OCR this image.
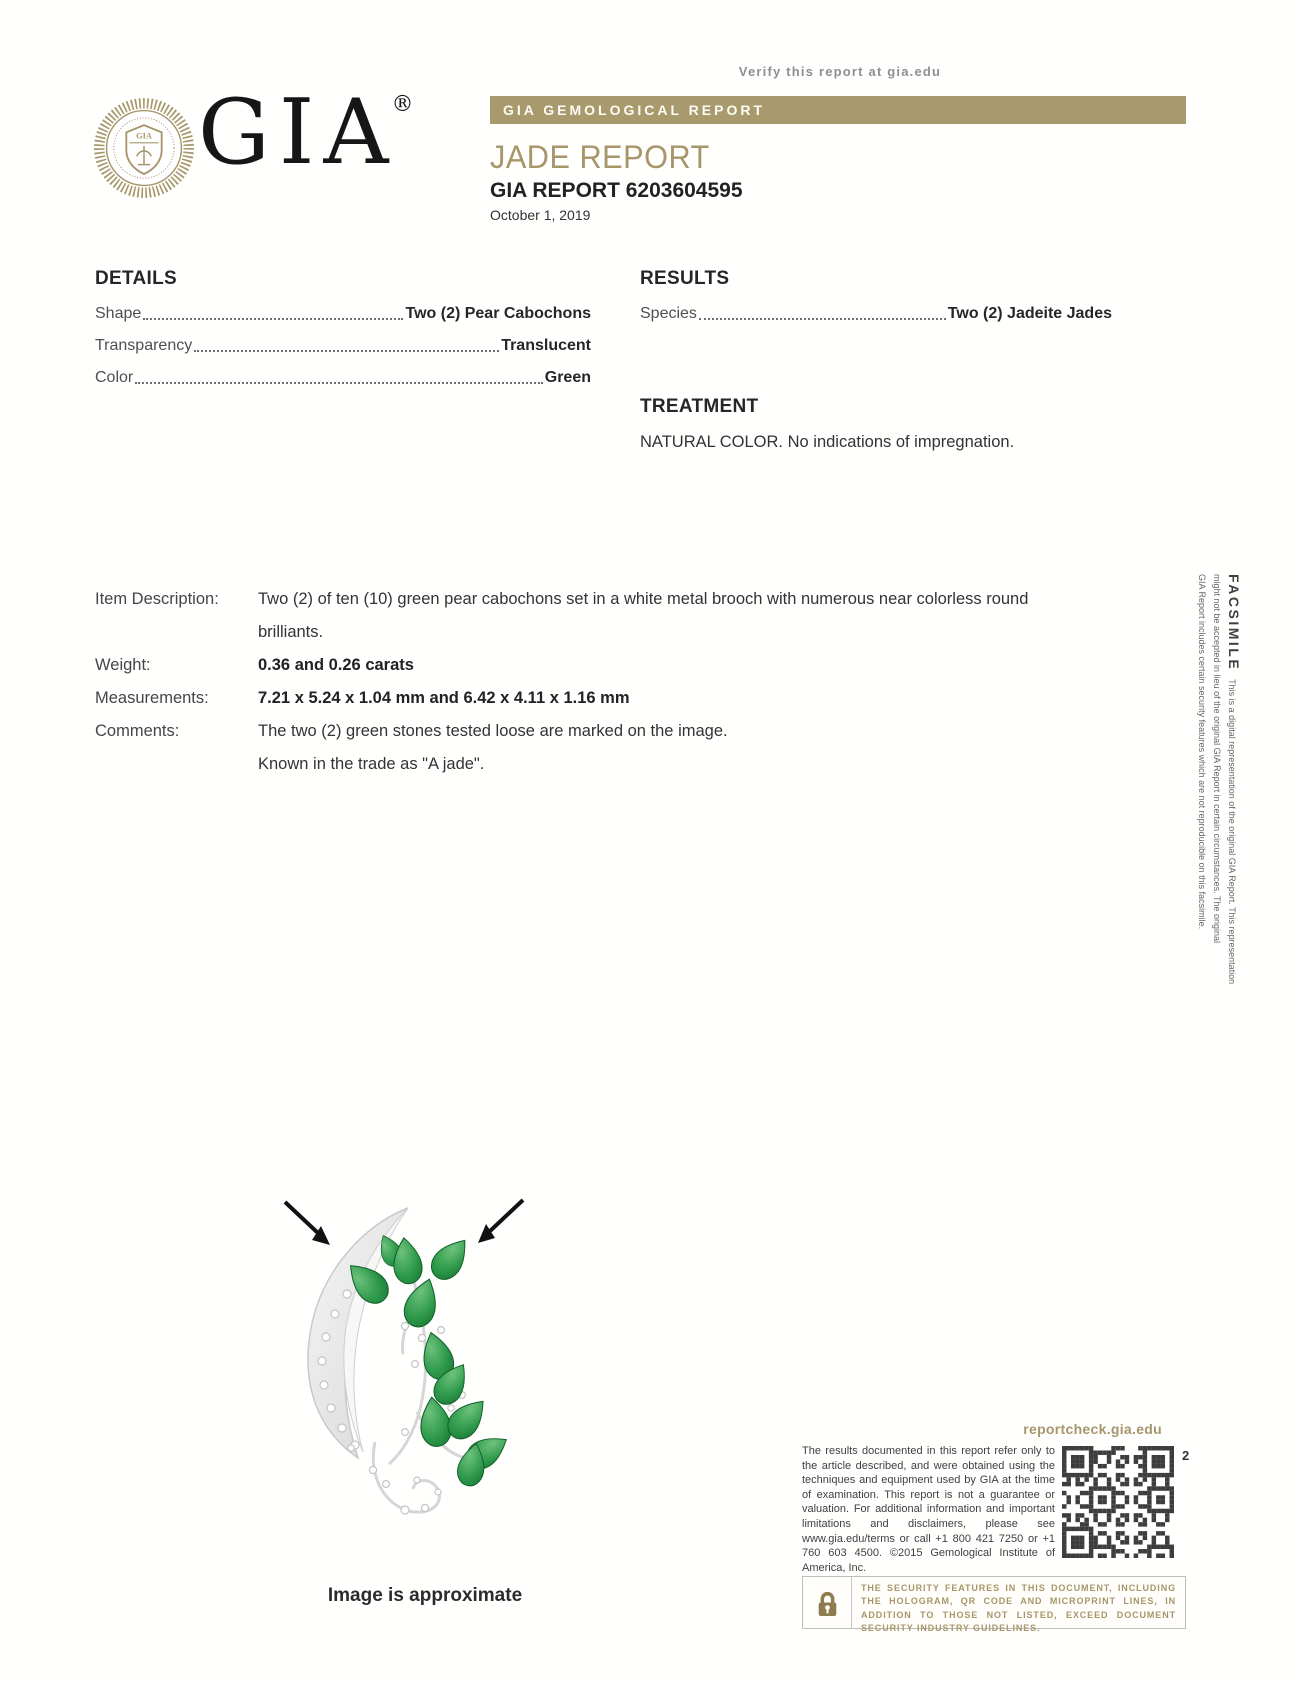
Verify this report at gia.edu
GIA GIA®	GIA GEMOLOGICAL REPORT
JADE REPORT
GIA REPORT 6203604595
October 1, 2019
DETAILS
Shape	Two (2) Pear Cabochons
Transparency	Translucent
Color	Green
RESULTS
Species	Two (2) Jadeite Jades
TREATMENT

NATURAL COLOR. No indications of impregnation.

Item Description:	Two (2) of ten (10) green pear cabochons set in a white metal brooch with numerous near colorless round brilliants.
Weight:	0.36 and 0.26 carats
Measurements:	7.21 x 5.24 x 1.04 mm and 6.42 x 4.11 x 1.16 mm
Comments:	The two (2) green stones tested loose are marked on the image.
Known in the trade as "A jade".
FACSIMILEThis is a digital representation of the original GIA Report. This representation
might not be accepted in lieu of the original GIA Report in certain circumstances. The original
GIA Report includes certain security features which are not reproducible on this facsimile.
Image is approximate
reportcheck.gia.edu
The results documented in this report refer only to the article described, and were obtained using the techniques and equipment used by GIA at the time of examination. This report is not a guarantee or valuation. For additional information and important limitations and disclaimers, please see www.gia.edu/terms or call +1 800 421 7250 or +1 760 603 4500. ©2015 Gemological Institute of America, Inc.
2
THE SECURITY FEATURES IN THIS DOCUMENT, INCLUDING THE HOLOGRAM, QR CODE AND MICROPRINT LINES, IN ADDITION TO THOSE NOT LISTED, EXCEED DOCUMENT SECURITY INDUSTRY GUIDELINES.
